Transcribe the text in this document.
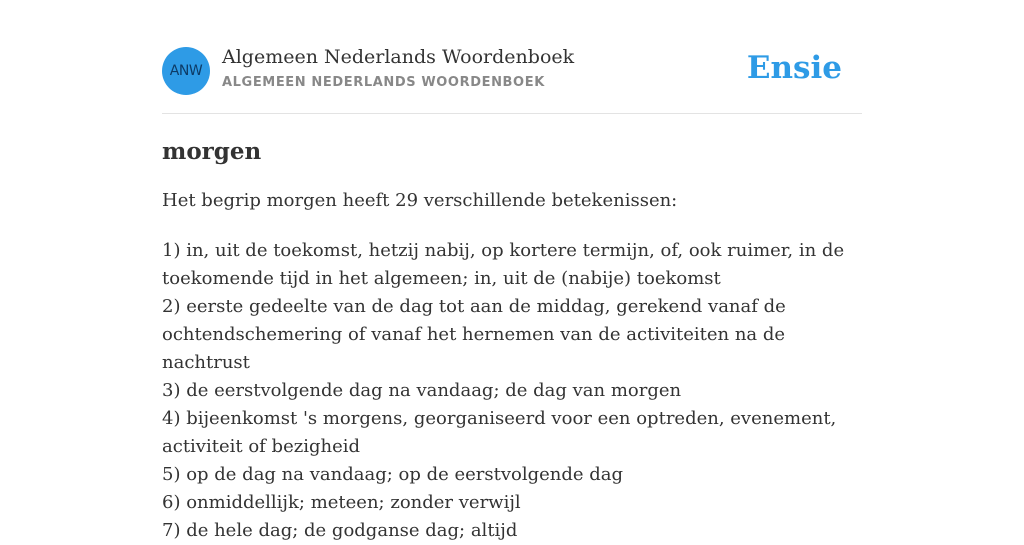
ANW
Algemeen Nederlands Woordenboek
ALGEMEEN NEDERLANDS WOORDENBOEK	Ensie
morgen

Het begrip morgen heeft 29 verschillende betekenissen:

1) in, uit de toekomst, hetzij nabij, op kortere termijn, of, ook ruimer, in de toekomende tijd in het algemeen; in, uit de (nabije) toekomst
2) eerste gedeelte van de dag tot aan de middag, gerekend vanaf de ochtendschemering of vanaf het hernemen van de activiteiten na de nachtrust
3) de eerstvolgende dag na vandaag; de dag van morgen
4) bijeenkomst 's morgens, georganiseerd voor een optreden, evenement, activiteit of bezigheid
5) op de dag na vandaag; op de eerstvolgende dag
6) onmiddellijk; meteen; zonder verwijl
7) de hele dag; de godganse dag; altijd
